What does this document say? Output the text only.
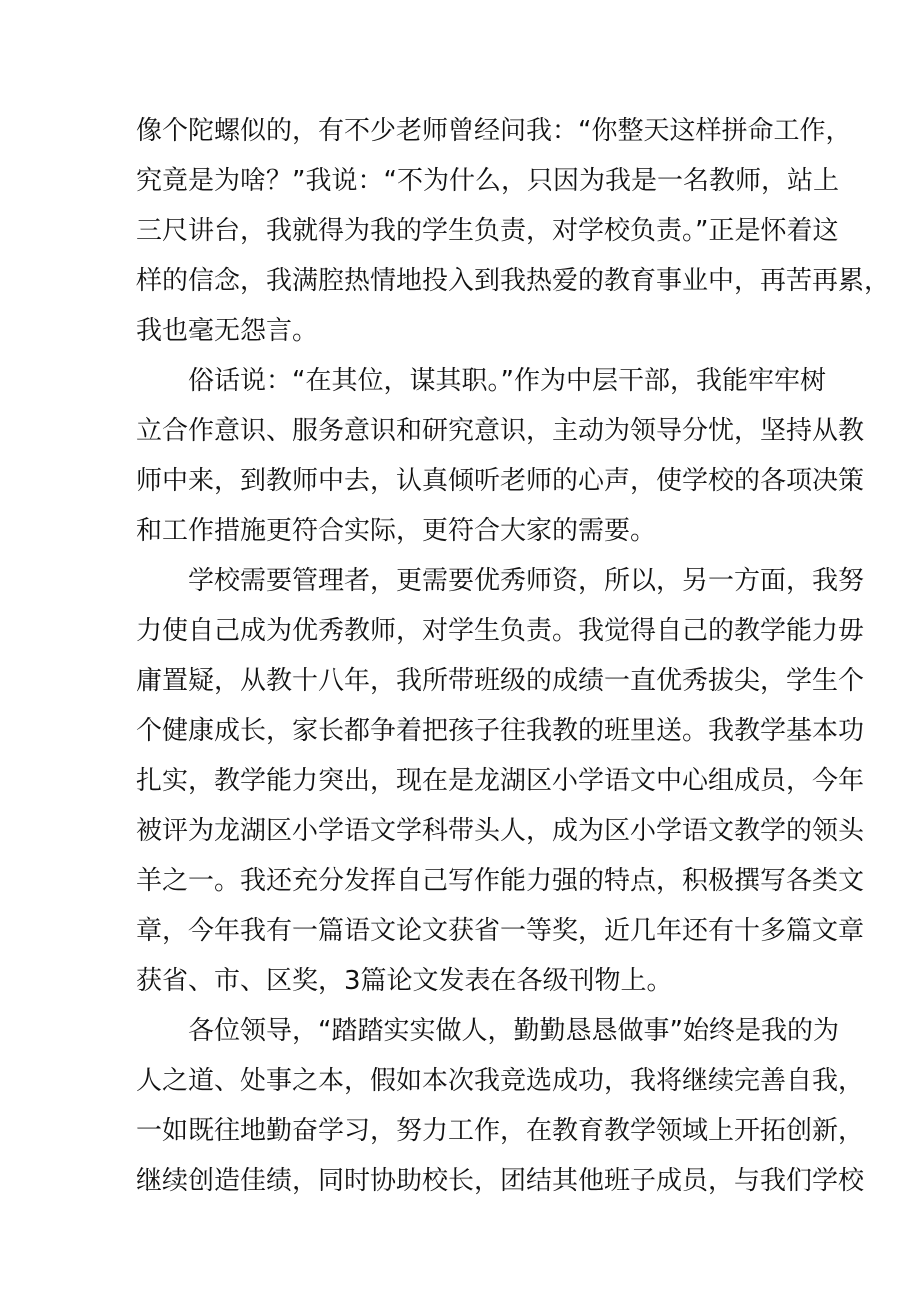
像个陀螺似的，有不少老师曾经问我：“你整天这样拼命工作，
究竟是为啥？”我说：“不为什么，只因为我是一名教师，站上
三尺讲台，我就得为我的学生负责，对学校负责。”正是怀着这
样的信念，我满腔热情地投入到我热爱的教育事业中，再苦再累，
我也毫无怨言。
俗话说：“在其位，谋其职。”作为中层干部，我能牢牢树
立合作意识、服务意识和研究意识，主动为领导分忧，坚持从教
师中来，到教师中去，认真倾听老师的心声，使学校的各项决策
和工作措施更符合实际，更符合大家的需要。
学校需要管理者，更需要优秀师资，所以，另一方面，我努
力使自己成为优秀教师，对学生负责。我觉得自己的教学能力毋
庸置疑，从教十八年，我所带班级的成绩一直优秀拔尖，学生个
个健康成长，家长都争着把孩子往我教的班里送。我教学基本功
扎实，教学能力突出，现在是龙湖区小学语文中心组成员，今年
被评为龙湖区小学语文学科带头人，成为区小学语文教学的领头
羊之一。我还充分发挥自己写作能力强的特点，积极撰写各类文
章，今年我有一篇语文论文获省一等奖，近几年还有十多篇文章
获省、市、区奖，3篇论文发表在各级刊物上。
各位领导，“踏踏实实做人，勤勤恳恳做事”始终是我的为
人之道、处事之本，假如本次我竞选成功，我将继续完善自我，
一如既往地勤奋学习，努力工作，在教育教学领域上开拓创新，
继续创造佳绩，同时协助校长，团结其他班子成员，与我们学校
